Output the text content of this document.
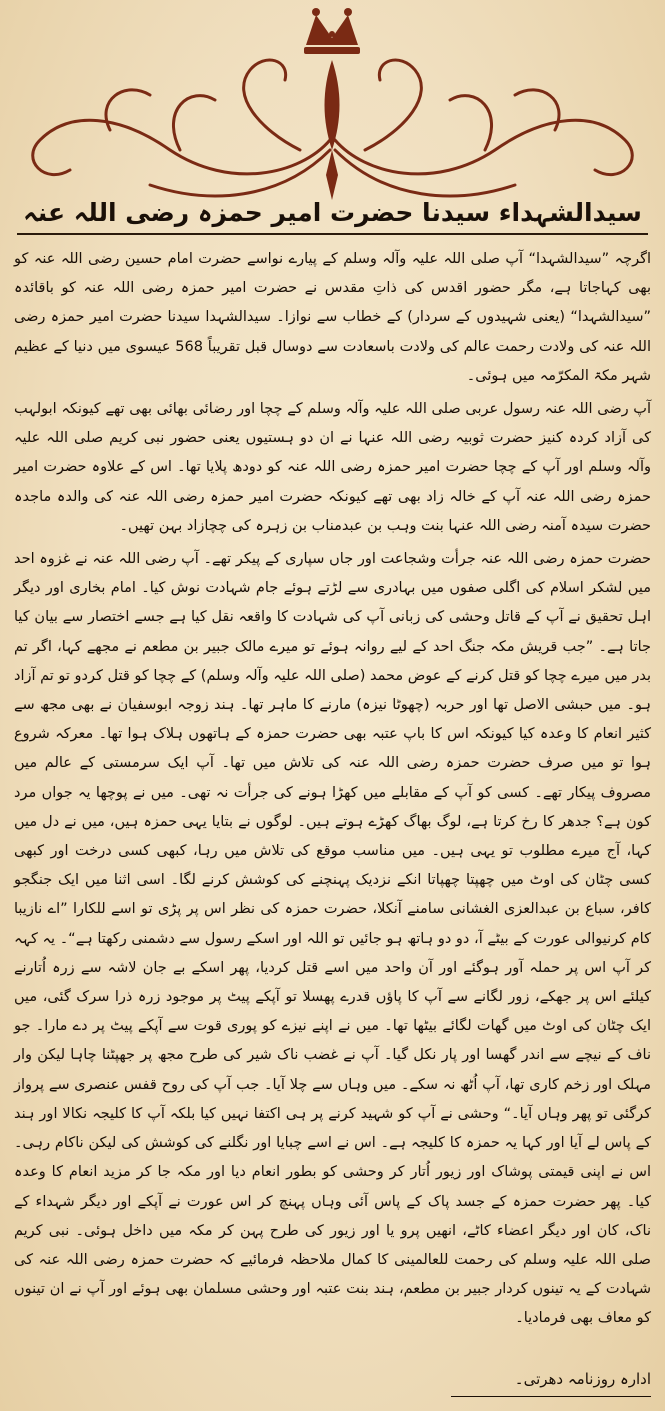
سیدالشہداء سیدنا حضرت امیر حمزہ رضی اللہ عنہ

اگرچہ ”سیدالشہدا“ آپ صلی اللہ علیہ وآلہ وسلم کے پیارے نواسے حضرت امام حسین رضی اللہ عنہ کو بھی کہاجاتا ہے، مگر حضور اقدس کی ذاتِ مقدس نے حضرت امیر حمزہ رضی اللہ عنہ کو باقائدہ ”سیدالشہدا“ (یعنی شہیدوں کے سردار) کے خطاب سے نوازا۔ سیدالشہدا سیدنا حضرت امیر حمزہ رضی اللہ عنہ کی ولادت رحمت عالم کی ولادت باسعادت سے دوسال قبل تقریباً 568 عیسوی میں دنیا کے عظیم شہر مکۃ المکرّمہ میں ہوئی۔

آپ رضی اللہ عنہ رسول عربی صلی اللہ علیہ وآلہ وسلم کے چچا اور رضائی بھائی بھی تھے کیونکہ ابولہب کی آزاد کردہ کنیز حضرت ثوبیہ رضی اللہ عنہا نے ان دو ہستیوں یعنی حضور نبی کریم صلی اللہ علیہ وآلہ وسلم اور آپ کے چچا حضرت امیر حمزہ رضی اللہ عنہ کو دودھ پلایا تھا۔ اس کے علاوہ حضرت امیر حمزہ رضی اللہ عنہ آپ کے خالہ زاد بھی تھے کیونکہ حضرت امیر حمزہ رضی اللہ عنہ کی والدہ ماجدہ حضرت سیدہ آمنہ رضی اللہ عنہا بنت وہب بن عبدمناب بن زہرہ کی چچازاد بہن تھیں۔

حضرت حمزہ رضی اللہ عنہ جرأت وشجاعت اور جاں سپاری کے پیکر تھے۔ آپ رضی اللہ عنہ نے غزوہ احد میں لشکر اسلام کی اگلی صفوں میں بہادری سے لڑتے ہوئے جام شہادت نوش کیا۔ امام بخاری اور دیگر اہل تحقیق نے آپ کے قاتل وحشی کی زبانی آپ کی شہادت کا واقعہ نقل کیا ہے جسے اختصار سے بیان کیا جاتا ہے۔ ”جب قریش مکہ جنگ احد کے لیے روانہ ہوئے تو میرے مالک جبیر بن مطعم نے مجھے کہا، اگر تم بدر میں میرے چچا کو قتل کرنے کے عوض محمد (صلی اللہ علیہ وآلہ وسلم) کے چچا کو قتل کردو تو تم آزاد ہو۔ میں حبشی الاصل تھا اور حربہ (چھوٹا نیزہ) مارنے کا ماہر تھا۔ ہند زوجہ ابوسفیان نے بھی مجھ سے کثیر انعام کا وعدہ کیا کیونکہ اس کا باپ عتبہ بھی حضرت حمزہ کے ہاتھوں ہلاک ہوا تھا۔ معرکہ شروع ہوا تو میں صرف حضرت حمزہ رضی اللہ عنہ کی تلاش میں تھا۔ آپ ایک سرمستی کے عالم میں مصروف پیکار تھے۔ کسی کو آپ کے مقابلے میں کھڑا ہونے کی جرأت نہ تھی۔ میں نے پوچھا یہ جواں مرد کون ہے؟ جدھر کا رخ کرتا ہے، لوگ بھاگ کھڑے ہوتے ہیں۔ لوگوں نے بتایا یہی حمزہ ہیں، میں نے دل میں کہا، آج میرے مطلوب تو یہی ہیں۔ میں مناسب موقع کی تلاش میں رہا، کبھی کسی درخت اور کبھی کسی چٹان کی اوٹ میں چھپتا چھپاتا انکے نزدیک پہنچنے کی کوشش کرنے لگا۔ اسی اثنا میں ایک جنگجو کافر، سباع بن عبدالعزی الغشانی سامنے آنکلا، حضرت حمزہ کی نظر اس پر پڑی تو اسے للکارا ”اے نازیبا کام کرنیوالی عورت کے بیٹے آ، دو دو ہاتھ ہو جائیں تو اللہ اور اسکے رسول سے دشمنی رکھتا ہے“۔ یہ کہہ کر آپ اس پر حملہ آور ہوگئے اور آن واحد میں اسے قتل کردیا، پھر اسکے بے جان لاشہ سے زرہ اُتارنے کیلئے اس پر جھکے، زور لگانے سے آپ کا پاؤں قدرے پھسلا تو آپکے پیٹ پر موجود زرہ ذرا سرک گئی، میں ایک چٹان کی اوٹ میں گھات لگائے بیٹھا تھا۔ میں نے اپنے نیزے کو پوری قوت سے آپکے پیٹ پر دے مارا۔ جو ناف کے نیچے سے اندر گھسا اور پار نکل گیا۔ آپ نے غضب ناک شیر کی طرح مجھ پر جھپٹنا چاہا لیکن وار مہلک اور زخم کاری تھا، آپ اُٹھ نہ سکے۔ میں وہاں سے چلا آیا۔ جب آپ کی روح قفس عنصری سے پرواز کرگئی تو پھر وہاں آیا۔“ وحشی نے آپ کو شہید کرنے پر ہی اکتفا نہیں کیا بلکہ آپ کا کلیجہ نکالا اور ہند کے پاس لے آیا اور کہا یہ حمزہ کا کلیجہ ہے۔ اس نے اسے چبایا اور نگلنے کی کوشش کی لیکن ناکام رہی۔ اس نے اپنی قیمتی پوشاک اور زیور اُتار کر وحشی کو بطور انعام دیا اور مکہ جا کر مزید انعام کا وعدہ کیا۔ پھر حضرت حمزہ کے جسد پاک کے پاس آئی وہاں پہنچ کر اس عورت نے آپکے اور دیگر شہداء کے ناک، کان اور دیگر اعضاء کاٹے، انھیں پرو یا اور زیور کی طرح پہن کر مکہ میں داخل ہوئی۔ نبی کریم صلی اللہ علیہ وسلم کی رحمت للعالمینی کا کمال ملاحظہ فرمائیے کہ حضرت حمزہ رضی اللہ عنہ کی شہادت کے یہ تینوں کردار جبیر بن مطعم، ہند بنت عتبہ اور وحشی مسلمان بھی ہوئے اور آپ نے ان تینوں کو معاف بھی فرمادیا۔

ادارہ روزنامہ دھرتی۔
